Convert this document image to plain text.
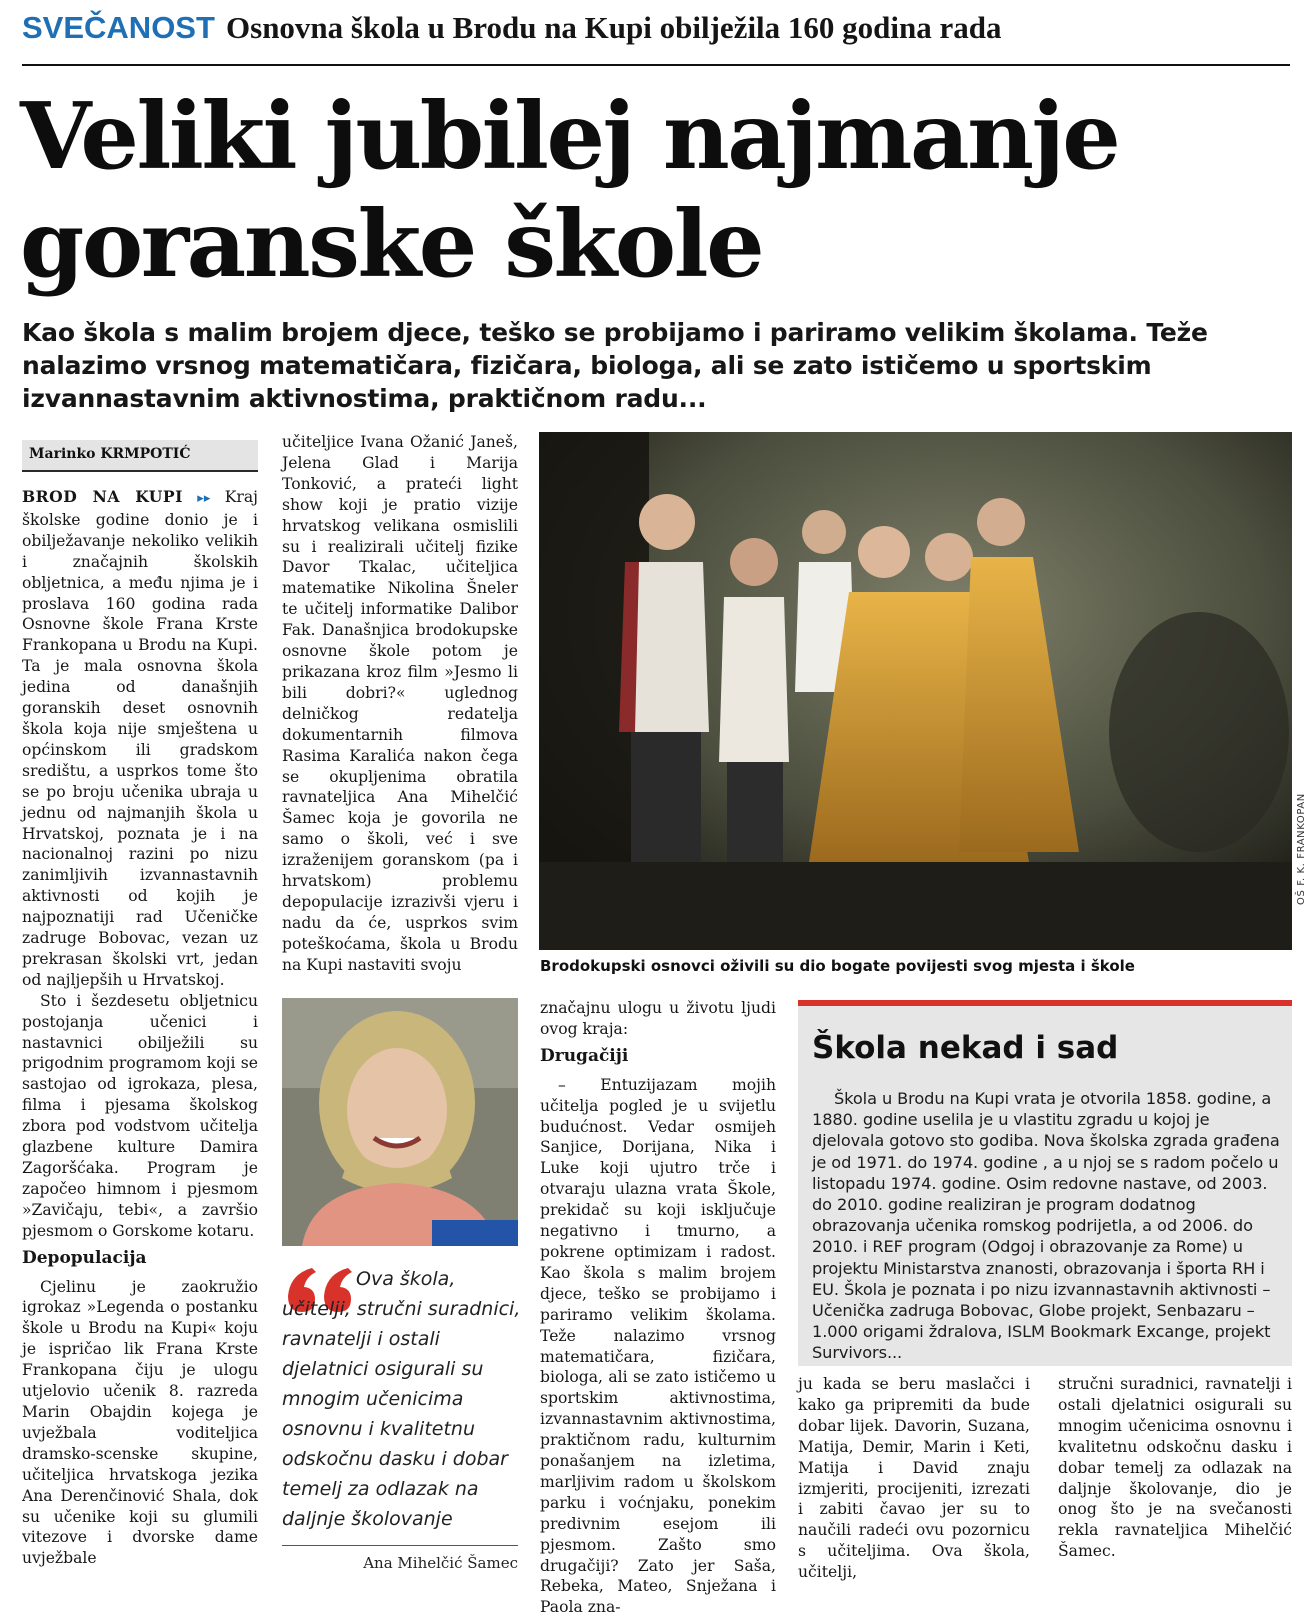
SVEČANOST Osnovna škola u Brodu na Kupi obilježila 160 godina rada
Veliki jubilej najmanje
goranske škole
Kao škola s malim brojem djece, teško se probijamo i pariramo velikim školama. Teže nalazimo vrsnog matematičara, fizičara, biologa, ali se zato ističemo u sportskim izvannastavnim aktivnostima, praktičnom radu...
Marinko KRMPOTIĆ

BROD NA KUPI ▸▸ Kraj školske godine donio je i obilježavanje nekoliko velikih i značajnih školskih obljetnica, a među njima je i proslava 160 godina rada Osnovne škole Frana Krste Frankopana u Brodu na Kupi. Ta je mala osnovna škola jedina od današnjih goranskih deset osnovnih škola koja nije smještena u općinskom ili gradskom središtu, a usprkos tome što se po broju učenika ubraja u jednu od najmanjih škola u Hrvatskoj, poznata je i na nacionalnoj razini po nizu zanimljivih izvannastavnih aktivnosti od kojih je najpoznatiji rad Učeničke zadruge Bobovac, vezan uz prekrasan školski vrt, jedan od najljepših u Hrvatskoj.

Sto i šezdesetu obljetnicu postojanja učenici i nastavnici obilježili su prigodnim programom koji se sastojao od igrokaza, plesa, filma i pjesama školskog zbora pod vodstvom učitelja glazbene kulture Damira Zagoršćaka. Program je započeo himnom i pjesmom »Zavičaju, tebi«, a završio pjesmom o Gorskome kotaru.

Depopulacija

Cjelinu je zaokružio igrokaz »Legenda o postanku škole u Brodu na Kupi« koju je ispričao lik Frana Krste Frankopana čiju je ulogu utjelovio učenik 8. razreda Marin Obajdin kojega je uvježbala voditeljica dramsko-scenske skupine, učiteljica hrvatskoga jezika Ana Derenčinović Shala, dok su učenike koji su glumili vitezove i dvorske dame uvježbale

učiteljice Ivana Ožanić Janeš, Jelena Glad i Marija Tonković, a prateći light show koji je pratio vizije hrvatskog velikana osmislili su i realizirali učitelj fizike Davor Tkalac, učiteljica matematike Nikolina Šneler te učitelj informatike Dalibor Fak. Današnjica brodokupske osnovne škole potom je prikazana kroz film »Jesmo li bili dobri?« uglednog delničkog redatelja dokumentarnih filmova Rasima Karalića nakon čega se okupljenima obratila ravnateljica Ana Mihelčić Šamec koja je govorila ne samo o školi, već i sve izraženijem goranskom (pa i hrvatskom) problemu depopulacije izrazivši vjeru i nadu da će, usprkos svim poteškoćama, škola u Brodu na Kupi nastaviti svoju

OŠ F. K. FRANKOPAN
Brodokupski osnovci oživili su dio bogate povijesti svog mjesta i škole
Ova škola, učitelji, stručni suradnici, ravnatelji i ostali djelatnici osigurali su mnogim učenicima osnovnu i kvalitetnu odskočnu dasku i dobar temelj za odlazak na daljnje školovanje
Ana Mihelčić Šamec

značajnu ulogu u životu ljudi ovog kraja:

Drugačiji

– Entuzijazam mojih učitelja pogled je u svijetlu budućnost. Vedar osmijeh Sanjice, Dorijana, Nika i Luke koji ujutro trče i otvaraju ulazna vrata Škole, prekidač su koji isključuje negativno i tmurno, a pokrene optimizam i radost. Kao škola s malim brojem djece, teško se probijamo i pariramo velikim školama. Teže nalazimo vrsnog matematičara, fizičara, biologa, ali se zato ističemo u sportskim aktivnostima, izvannastavnim aktivnostima, praktičnom radu, kulturnim ponašanjem na izletima, marljivim radom u školskom parku i voćnjaku, ponekim predivnim esejom ili pjesmom. Zašto smo drugačiji? Zato jer Saša, Rebeka, Mateo, Snježana i Paola zna-

Škola nekad i sad
Škola u Brodu na Kupi vrata je otvorila 1858. godine, a 1880. godine uselila je u vlastitu zgradu u kojoj je djelovala gotovo sto godiba. Nova školska zgrada građena je od 1971. do 1974. godine , a u njoj se s radom počelo u listopadu 1974. godine. Osim redovne nastave, od 2003. do 2010. godine realiziran je program dodatnog obrazovanja učenika romskog podrijetla, a od 2006. do 2010. i REF program (Odgoj i obrazovanje za Rome) u projektu Ministarstva znanosti, obrazovanja i športa RH i EU. Škola je poznata i po nizu izvannastavnih aktivnosti – Učenička zadruga Bobovac, Globe projekt, Senbazaru – 1.000 origami ždralova, ISLM Bookmark Excange, projekt Survivors...

ju kada se beru maslačci i kako ga pripremiti da bude dobar lijek. Davorin, Suzana, Matija, Demir, Marin i Keti, Matija i David znaju izmjeriti, procijeniti, izrezati i zabiti čavao jer su to naučili radeći ovu pozornicu s učiteljima. Ova škola, učitelji,

stručni suradnici, ravnatelji i ostali djelatnici osigurali su mnogim učenicima osnovnu i kvalitetnu odskočnu dasku i dobar temelj za odlazak na daljnje školovanje, dio je onog što je na svečanosti rekla ravnateljica Mihelčić Šamec.
